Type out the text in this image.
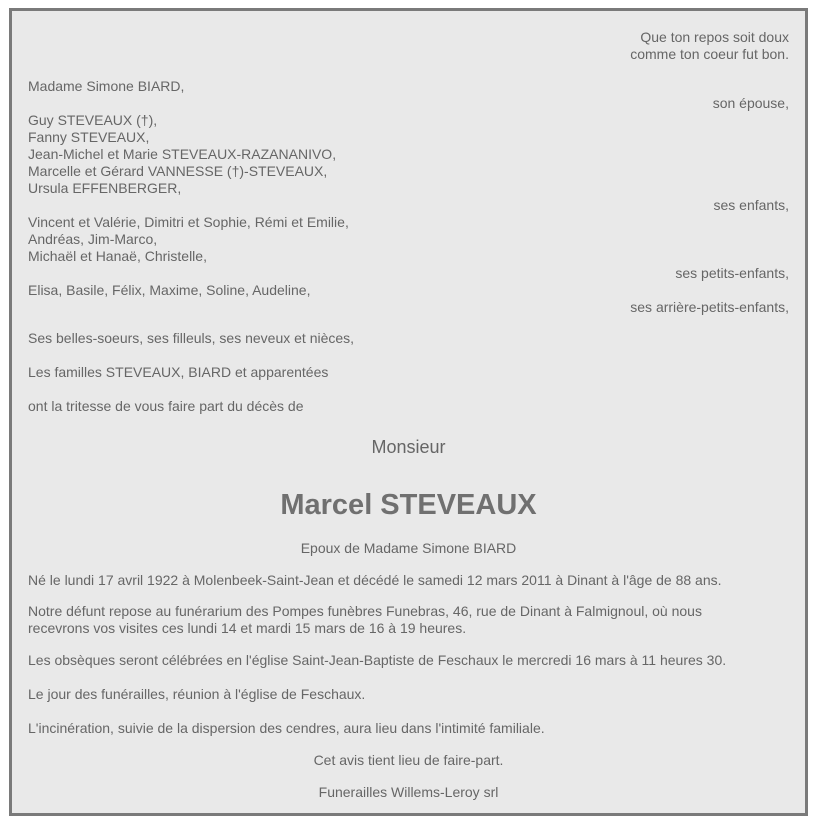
Que ton repos soit doux
comme ton coeur fut bon.
Madame Simone BIARD,
son épouse,
Guy STEVEAUX (†),
Fanny STEVEAUX,
Jean-Michel et Marie STEVEAUX-RAZANANIVO,
Marcelle et Gérard VANNESSE (†)-STEVEAUX,
Ursula EFFENBERGER,
ses enfants,
Vincent et Valérie, Dimitri et Sophie, Rémi et Emilie,
Andréas, Jim-Marco,
Michaël et Hanaë, Christelle,
ses petits-enfants,
Elisa, Basile, Félix, Maxime, Soline, Audeline,
ses arrière-petits-enfants,
Ses belles-soeurs, ses filleuls, ses neveux et nièces,
Les familles STEVEAUX, BIARD et apparentées
ont la tritesse de vous faire part du décès de
Monsieur
Marcel STEVEAUX
Epoux de Madame Simone BIARD
Né le lundi 17 avril 1922 à Molenbeek-Saint-Jean et décédé le samedi 12 mars 2011 à Dinant à l'âge de 88 ans.
Notre défunt repose au funérarium des Pompes funèbres Funebras, 46, rue de Dinant à Falmignoul, où nous
recevrons vos visites ces lundi 14 et mardi 15 mars de 16 à 19 heures.
Les obsèques seront célébrées en l'église Saint-Jean-Baptiste de Feschaux le mercredi 16 mars à 11 heures 30.
Le jour des funérailles, réunion à l'église de Feschaux.
L'incinération, suivie de la dispersion des cendres, aura lieu dans l'intimité familiale.
Cet avis tient lieu de faire-part.
Funerailles Willems-Leroy srl
